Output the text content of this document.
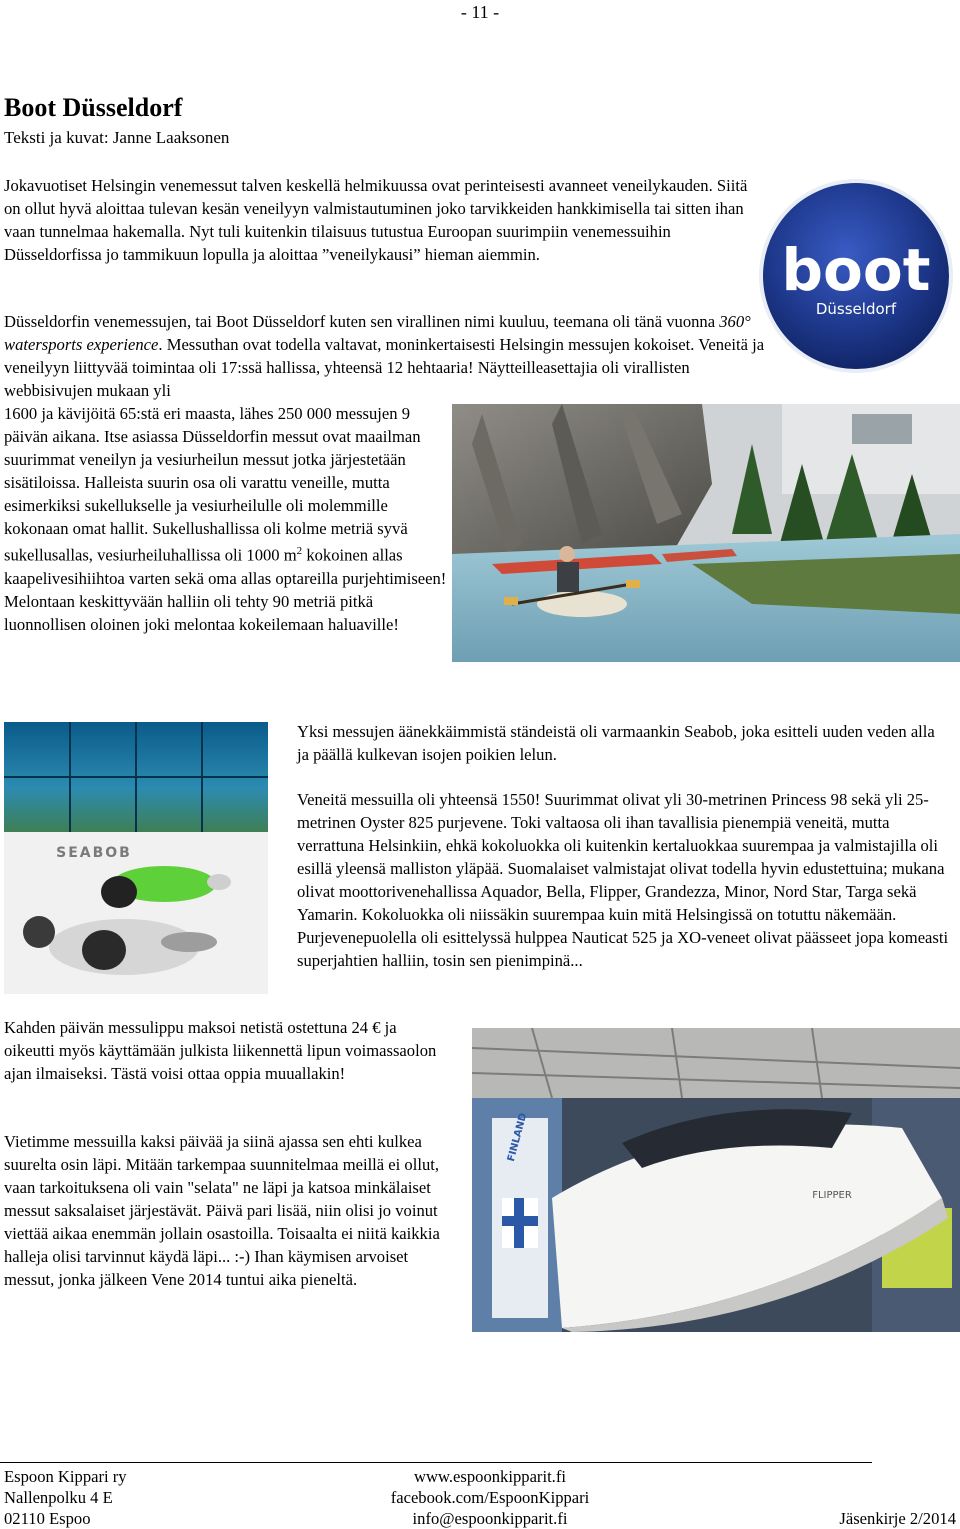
- 11 -
Boot Düsseldorf
Teksti ja kuvat: Janne Laaksonen

Jokavuotiset Helsingin venemessut talven keskellä helmikuussa ovat perinteisesti avanneet veneilykauden. Siitä on ollut hyvä aloittaa tulevan kesän veneilyyn valmistautuminen joko tarvikkeiden hankkimisella tai sitten ihan vaan tunnelmaa hakemalla. Nyt tuli kuitenkin tilaisuus tutustua Euroopan suurimpiin venemessuihin Düsseldorfissa jo tammikuun lopulla ja aloittaa ”veneilykausi” hieman aiemmin.

Düsseldorfin venemessujen, tai Boot Düsseldorf kuten sen virallinen nimi kuuluu, teemana oli tänä vuonna 360° watersports experience. Messuthan ovat todella valtavat, moninkertaisesti Helsingin messujen kokoiset. Veneitä ja veneilyyn liittyvää toimintaa oli 17:ssä hallissa, yhteensä 12 hehtaaria! Näytteilleasettajia oli virallisten webbisivujen mukaan yli

1600 ja kävijöitä 65:stä eri maasta, lähes 250 000 messujen 9 päivän aikana. Itse asiassa Düsseldorfin messut ovat maailman suurimmat veneilyn ja vesiurheilun messut jotka järjestetään sisätiloissa. Halleista suurin osa oli varattu veneille, mutta esimerkiksi sukellukselle ja vesiurheilulle oli molemmille kokonaan omat hallit. Sukellushallissa oli kolme metriä syvä sukellusallas, vesiurheiluhallissa oli 1000 $m^2$ kokoinen allas kaapelivesihiihtoa varten sekä oma allas optareilla purjehtimiseen! Melontaan keskittyvään halliin oli tehty 90 metriä pitkä luonnollisen oloinen joki melontaa kokeilemaan haluaville!

boot
Düsseldorf

Yksi messujen äänekkäimmistä ständeistä oli varmaankin Seabob, joka esitteli uuden veden alla ja päällä kulkevan isojen poikien lelun.

Veneitä messuilla oli yhteensä 1550! Suurimmat olivat yli 30-metrinen Princess 98 sekä yli 25-metrinen Oyster 825 purjevene. Toki valtaosa oli ihan tavallisia pienempiä veneitä, mutta verrattuna Helsinkiin, ehkä kokoluokka oli kuitenkin kertaluokkaa suurempaa ja valmistajilla oli esillä yleensä malliston yläpää. Suomalaiset valmistajat olivat todella hyvin edustettuina; mukana olivat moottorivenehallissa Aquador, Bella, Flipper, Grandezza, Minor, Nord Star, Targa sekä Yamarin. Kokoluokka oli niissäkin suurempaa kuin mitä Helsingissä on totuttu näkemään. Purjevenepuolella oli esittelyssä hulppea Nauticat 525 ja XO-veneet olivat päässeet jopa komeasti superjahtien halliin, tosin sen pienimpinä...

SEABOB

Kahden päivän messulippu maksoi netistä ostettuna 24 € ja oikeutti myös käyttämään julkista liikennettä lipun voimassaolon ajan ilmaiseksi. Tästä voisi ottaa oppia muuallakin!

Vietimme messuilla kaksi päivää ja siinä ajassa sen ehti kulkea suurelta osin läpi. Mitään tarkempaa suunnitelmaa meillä ei ollut, vaan tarkoituksena oli vain "selata" ne läpi ja katsoa minkälaiset messut saksalaiset järjestävät. Päivä pari lisää, niin olisi jo voinut viettää aikaa enemmän jollain osastoilla. Toisaalta ei niitä kaikkia halleja olisi tarvinnut käydä läpi... :-) Ihan käymisen arvoiset messut, jonka jälkeen Vene 2014 tuntui aika pieneltä.

FINLAND
FLIPPER
Espoon Kippari ry
Nallenpolku 4 E
02110 Espoo
www.espoonkipparit.fi
facebook.com/EspoonKippari
info@espoonkipparit.fi	Jäsenkirje 2/2014
